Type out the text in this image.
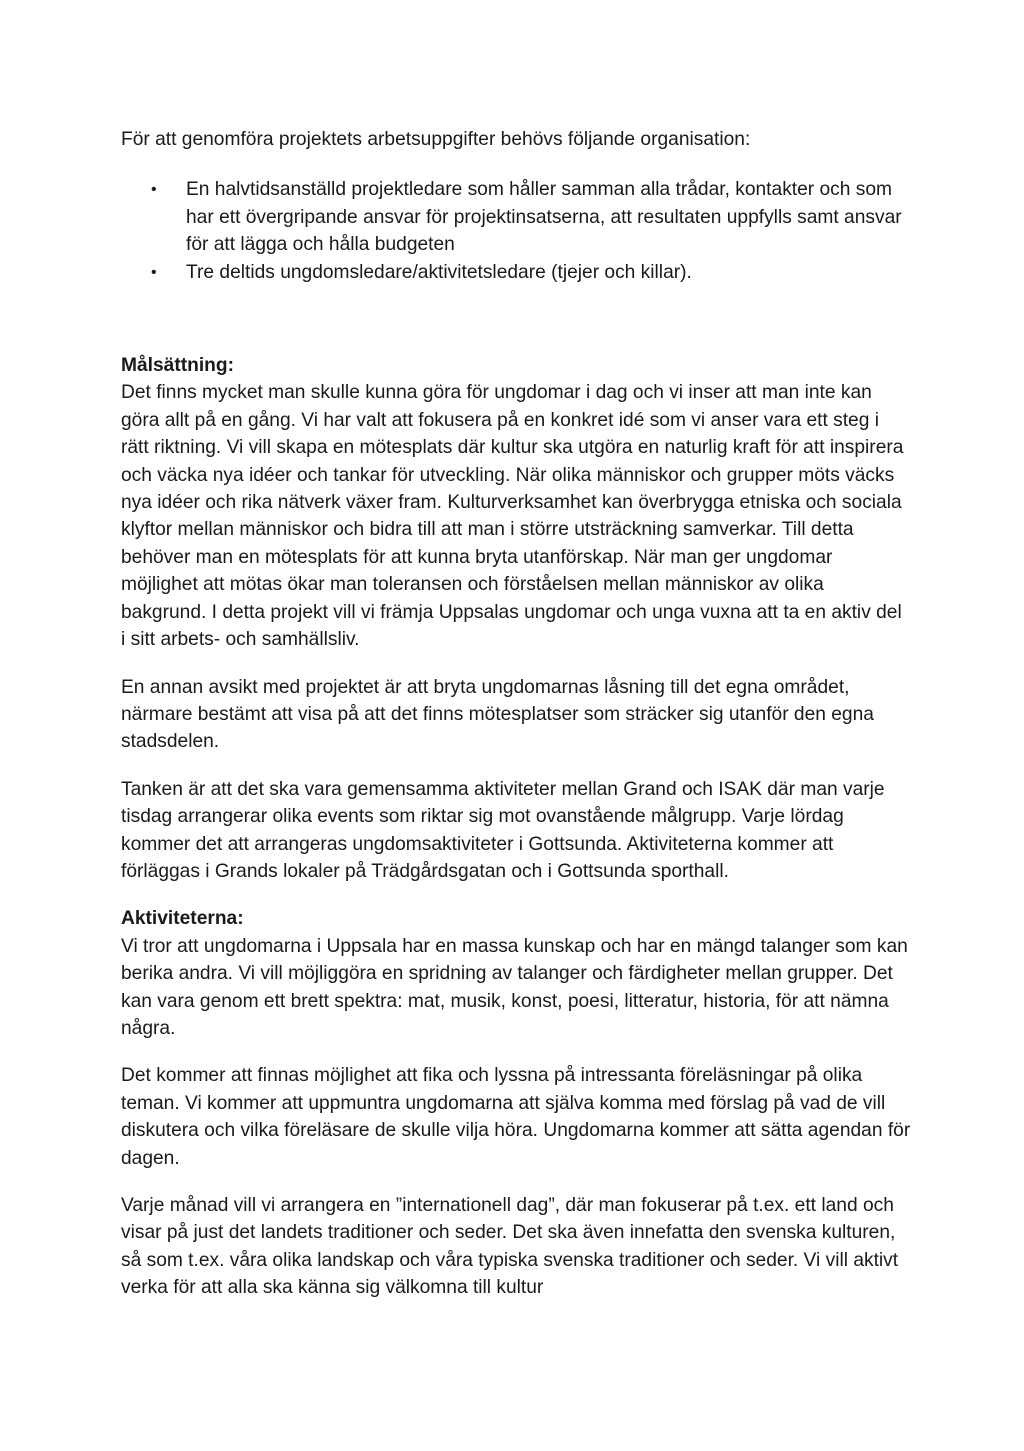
För att genomföra projektets arbetsuppgifter behövs följande organisation:

• En halvtidsanställd projektledare som håller samman alla trådar, kontakter och som har ett övergripande ansvar för projektinsatserna, att resultaten uppfylls samt ansvar för att lägga och hålla budgeten
• Tre deltids ungdomsledare/aktivitetsledare (tjejer och killar).
Målsättning:

Det finns mycket man skulle kunna göra för ungdomar i dag och vi inser att man inte kan göra allt på en gång. Vi har valt att fokusera på en konkret idé som vi anser vara ett steg i rätt riktning. Vi vill skapa en mötesplats där kultur ska utgöra en naturlig kraft för att inspirera och väcka nya idéer och tankar för utveckling. När olika människor och grupper möts väcks nya idéer och rika nätverk växer fram. Kulturverksamhet kan överbrygga etniska och sociala klyftor mellan människor och bidra till att man i större utsträckning samverkar. Till detta behöver man en mötesplats för att kunna bryta utanförskap. När man ger ungdomar möjlighet att mötas ökar man toleransen och förståelsen mellan människor av olika bakgrund. I detta projekt vill vi främja Uppsalas ungdomar och unga vuxna att ta en aktiv del i sitt arbets- och samhällsliv.

En annan avsikt med projektet är att bryta ungdomarnas låsning till det egna området, närmare bestämt att visa på att det finns mötesplatser som sträcker sig utanför den egna stadsdelen.

Tanken är att det ska vara gemensamma aktiviteter mellan Grand och ISAK där man varje tisdag arrangerar olika events som riktar sig mot ovanstående målgrupp. Varje lördag kommer det att arrangeras ungdomsaktiviteter i Gottsunda. Aktiviteterna kommer att förläggas i Grands lokaler på Trädgårdsgatan och i Gottsunda sporthall.

Aktiviteterna:

Vi tror att ungdomarna i Uppsala har en massa kunskap och har en mängd talanger som kan berika andra. Vi vill möjliggöra en spridning av talanger och färdigheter mellan grupper. Det kan vara genom ett brett spektra: mat, musik, konst, poesi, litteratur, historia, för att nämna några.

Det kommer att finnas möjlighet att fika och lyssna på intressanta föreläsningar på olika teman. Vi kommer att uppmuntra ungdomarna att själva komma med förslag på vad de vill diskutera och vilka föreläsare de skulle vilja höra. Ungdomarna kommer att sätta agendan för dagen.

Varje månad vill vi arrangera en ”internationell dag”, där man fokuserar på t.ex. ett land och visar på just det landets traditioner och seder. Det ska även innefatta den svenska kulturen, så som t.ex. våra olika landskap och våra typiska svenska traditioner och seder. Vi vill aktivt verka för att alla ska känna sig välkomna till kultur
